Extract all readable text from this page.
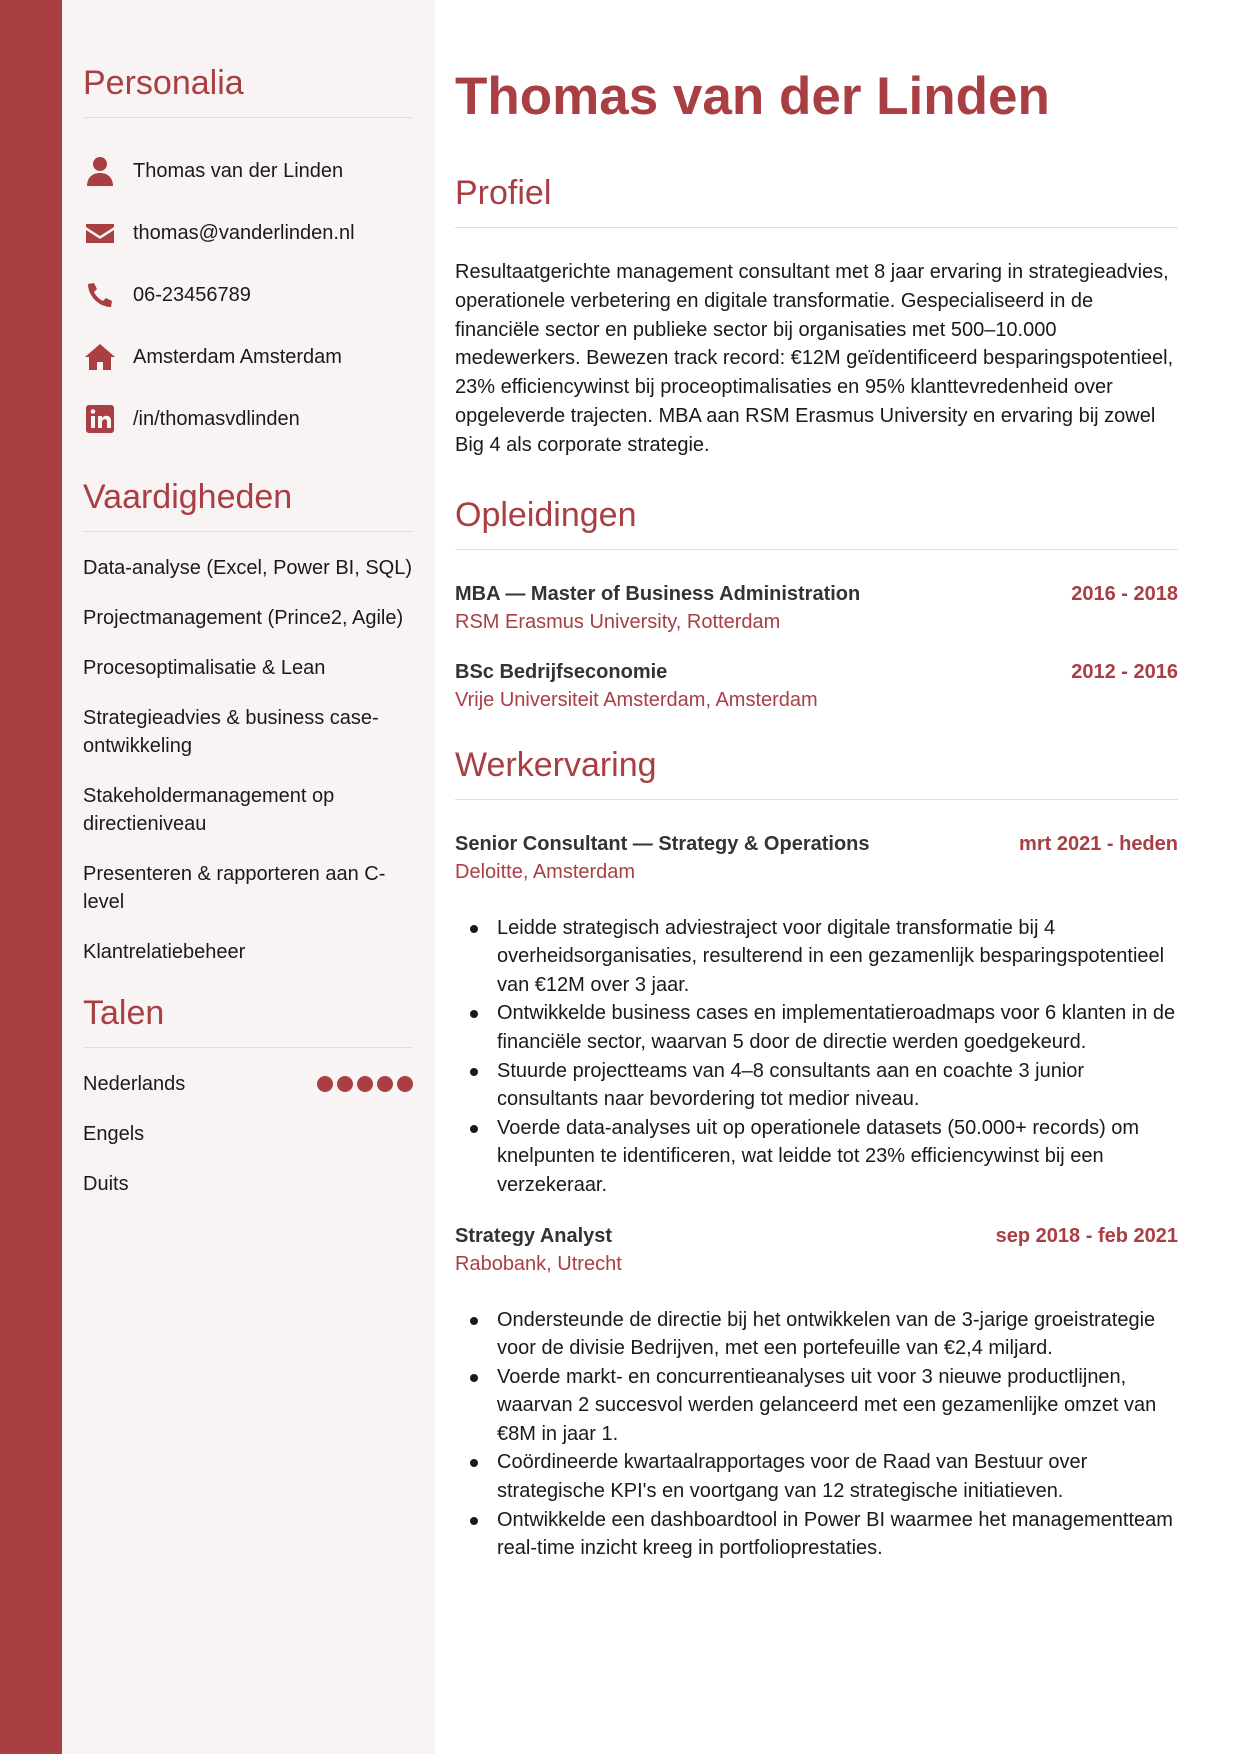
Personalia
Thomas van der Linden
thomas@vanderlinden.nl
06-23456789
Amsterdam Amsterdam
/in/thomasvdlinden
Vaardigheden
Data-analyse (Excel, Power BI, SQL)
Projectmanagement (Prince2, Agile)
Procesoptimalisatie & Lean
Strategieadvies & business case-ontwikkeling
Stakeholdermanagement op directieniveau
Presenteren & rapporteren aan C-level
Klantrelatiebeheer
Talen
Nederlands
Engels
Duits
Thomas van der Linden
Profiel

Resultaatgerichte management consultant met 8 jaar ervaring in strategieadvies, operationele verbetering en digitale transformatie. Gespecialiseerd in de financiële sector en publieke sector bij organisaties met 500–10.000 medewerkers. Bewezen track record: €12M geïdentificeerd besparingspotentieel, 23% efficiencywinst bij proceoptimalisaties en 95% klanttevredenheid over opgeleverde trajecten. MBA aan RSM Erasmus University en ervaring bij zowel Big 4 als corporate strategie.

Opleidingen
MBA — Master of Business Administration	2016 - 2018
RSM Erasmus University, Rotterdam
BSc Bedrijfseconomie	2012 - 2016
Vrije Universiteit Amsterdam, Amsterdam
Werkervaring
Senior Consultant — Strategy & Operations	mrt 2021 - heden
Deloitte, Amsterdam
Leidde strategisch adviestraject voor digitale transformatie bij 4 overheidsorganisaties, resulterend in een gezamenlijk besparingspotentieel van €12M over 3 jaar.
Ontwikkelde business cases en implementatieroadmaps voor 6 klanten in de financiële sector, waarvan 5 door de directie werden goedgekeurd.
Stuurde projectteams van 4–8 consultants aan en coachte 3 junior consultants naar bevordering tot medior niveau.
Voerde data-analyses uit op operationele datasets (50.000+ records) om knelpunten te identificeren, wat leidde tot 23% efficiencywinst bij een verzekeraar.
Strategy Analyst	sep 2018 - feb 2021
Rabobank, Utrecht
Ondersteunde de directie bij het ontwikkelen van de 3-jarige groeistrategie voor de divisie Bedrijven, met een portefeuille van €2,4 miljard.
Voerde markt- en concurrentieanalyses uit voor 3 nieuwe productlijnen, waarvan 2 succesvol werden gelanceerd met een gezamenlijke omzet van €8M in jaar 1.
Coördineerde kwartaalrapportages voor de Raad van Bestuur over strategische KPI's en voortgang van 12 strategische initiatieven.
Ontwikkelde een dashboardtool in Power BI waarmee het managementteam real-time inzicht kreeg in portfolioprestaties.
